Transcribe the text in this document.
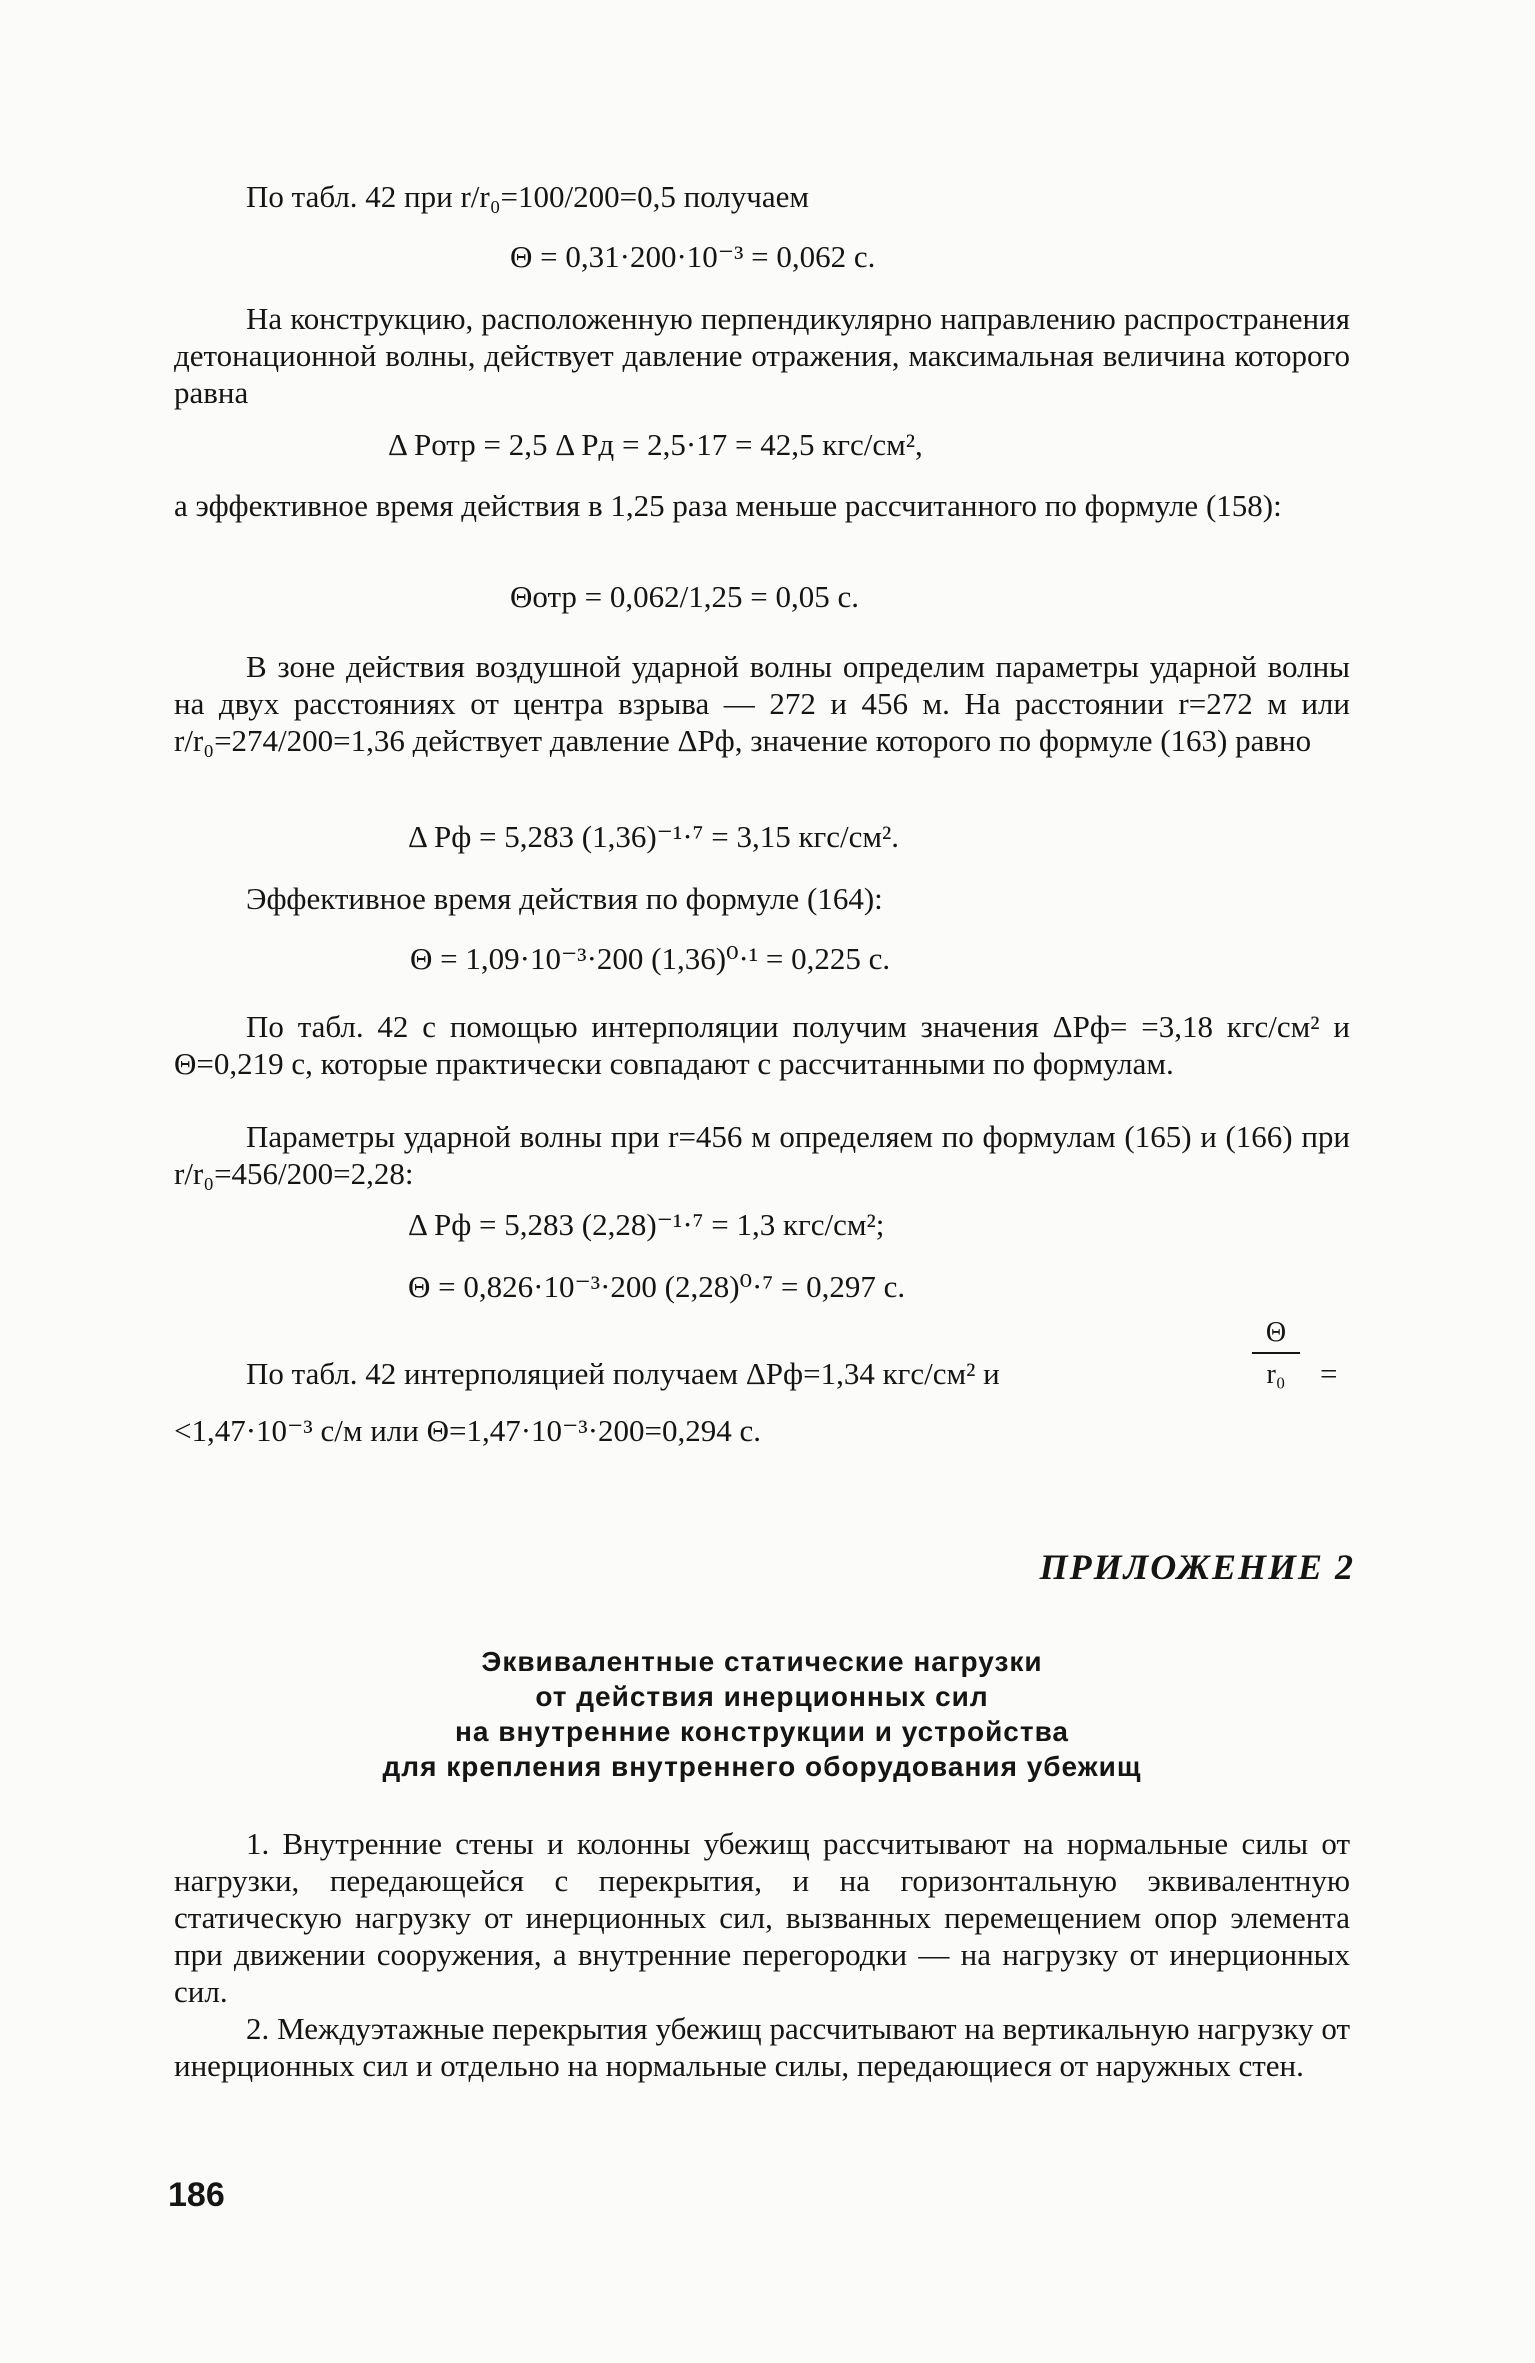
По табл. 42 при r/r₀=100/200=0,5 получаем

Θ = 0,31·200·10⁻³ = 0,062 с.

На конструкцию, расположенную перпендикулярно направлению распространения детонационной волны, действует давление отражения, максимальная величина которого равна

Δ Pотр = 2,5 Δ Pд = 2,5·17 = 42,5 кгс/см²,

а эффективное время действия в 1,25 раза меньше рассчитанного по формуле (158):

Θотр = 0,062/1,25 = 0,05 с.

В зоне действия воздушной ударной волны определим параметры ударной волны на двух расстояниях от центра взрыва — 272 и 456 м. На расстоянии r=272 м или r/r₀=274/200=1,36 действует давление ΔPф, значение которого по формуле (163) равно

Δ Pф = 5,283 (1,36)⁻¹·⁷ = 3,15 кгс/см².

Эффективное время действия по формуле (164):

Θ = 1,09·10⁻³·200 (1,36)⁰·¹ = 0,225 с.

По табл. 42 с помощью интерполяции получим значения ΔPф= =3,18 кгс/см² и Θ=0,219 с, которые практически совпадают с рассчитанными по формулам.

Параметры ударной волны при r=456 м определяем по формулам (165) и (166) при r/r₀=456/200=2,28:

Δ Pф = 5,283 (2,28)⁻¹·⁷ = 1,3 кгс/см²;
Θ = 0,826·10⁻³·200 (2,28)⁰·⁷ = 0,297 с.

По табл. 42 интерполяцией получаем ΔPф=1,34 кгс/см² и

Θ
r₀	=

<1,47·10⁻³ с/м или Θ=1,47·10⁻³·200=0,294 с.

ПРИЛОЖЕНИЕ 2
Эквивалентные статические нагрузки
от действия инерционных сил
на внутренние конструкции и устройства
для крепления внутреннего оборудования убежищ

1. Внутренние стены и колонны убежищ рассчитывают на нормальные силы от нагрузки, передающейся с перекрытия, и на горизонтальную эквивалентную статическую нагрузку от инерционных сил, вызванных перемещением опор элемента при движении сооружения, а внутренние перегородки — на нагрузку от инерционных сил.

2. Междуэтажные перекрытия убежищ рассчитывают на вертикальную нагрузку от инерционных сил и отдельно на нормальные силы, передающиеся от наружных стен.

186
